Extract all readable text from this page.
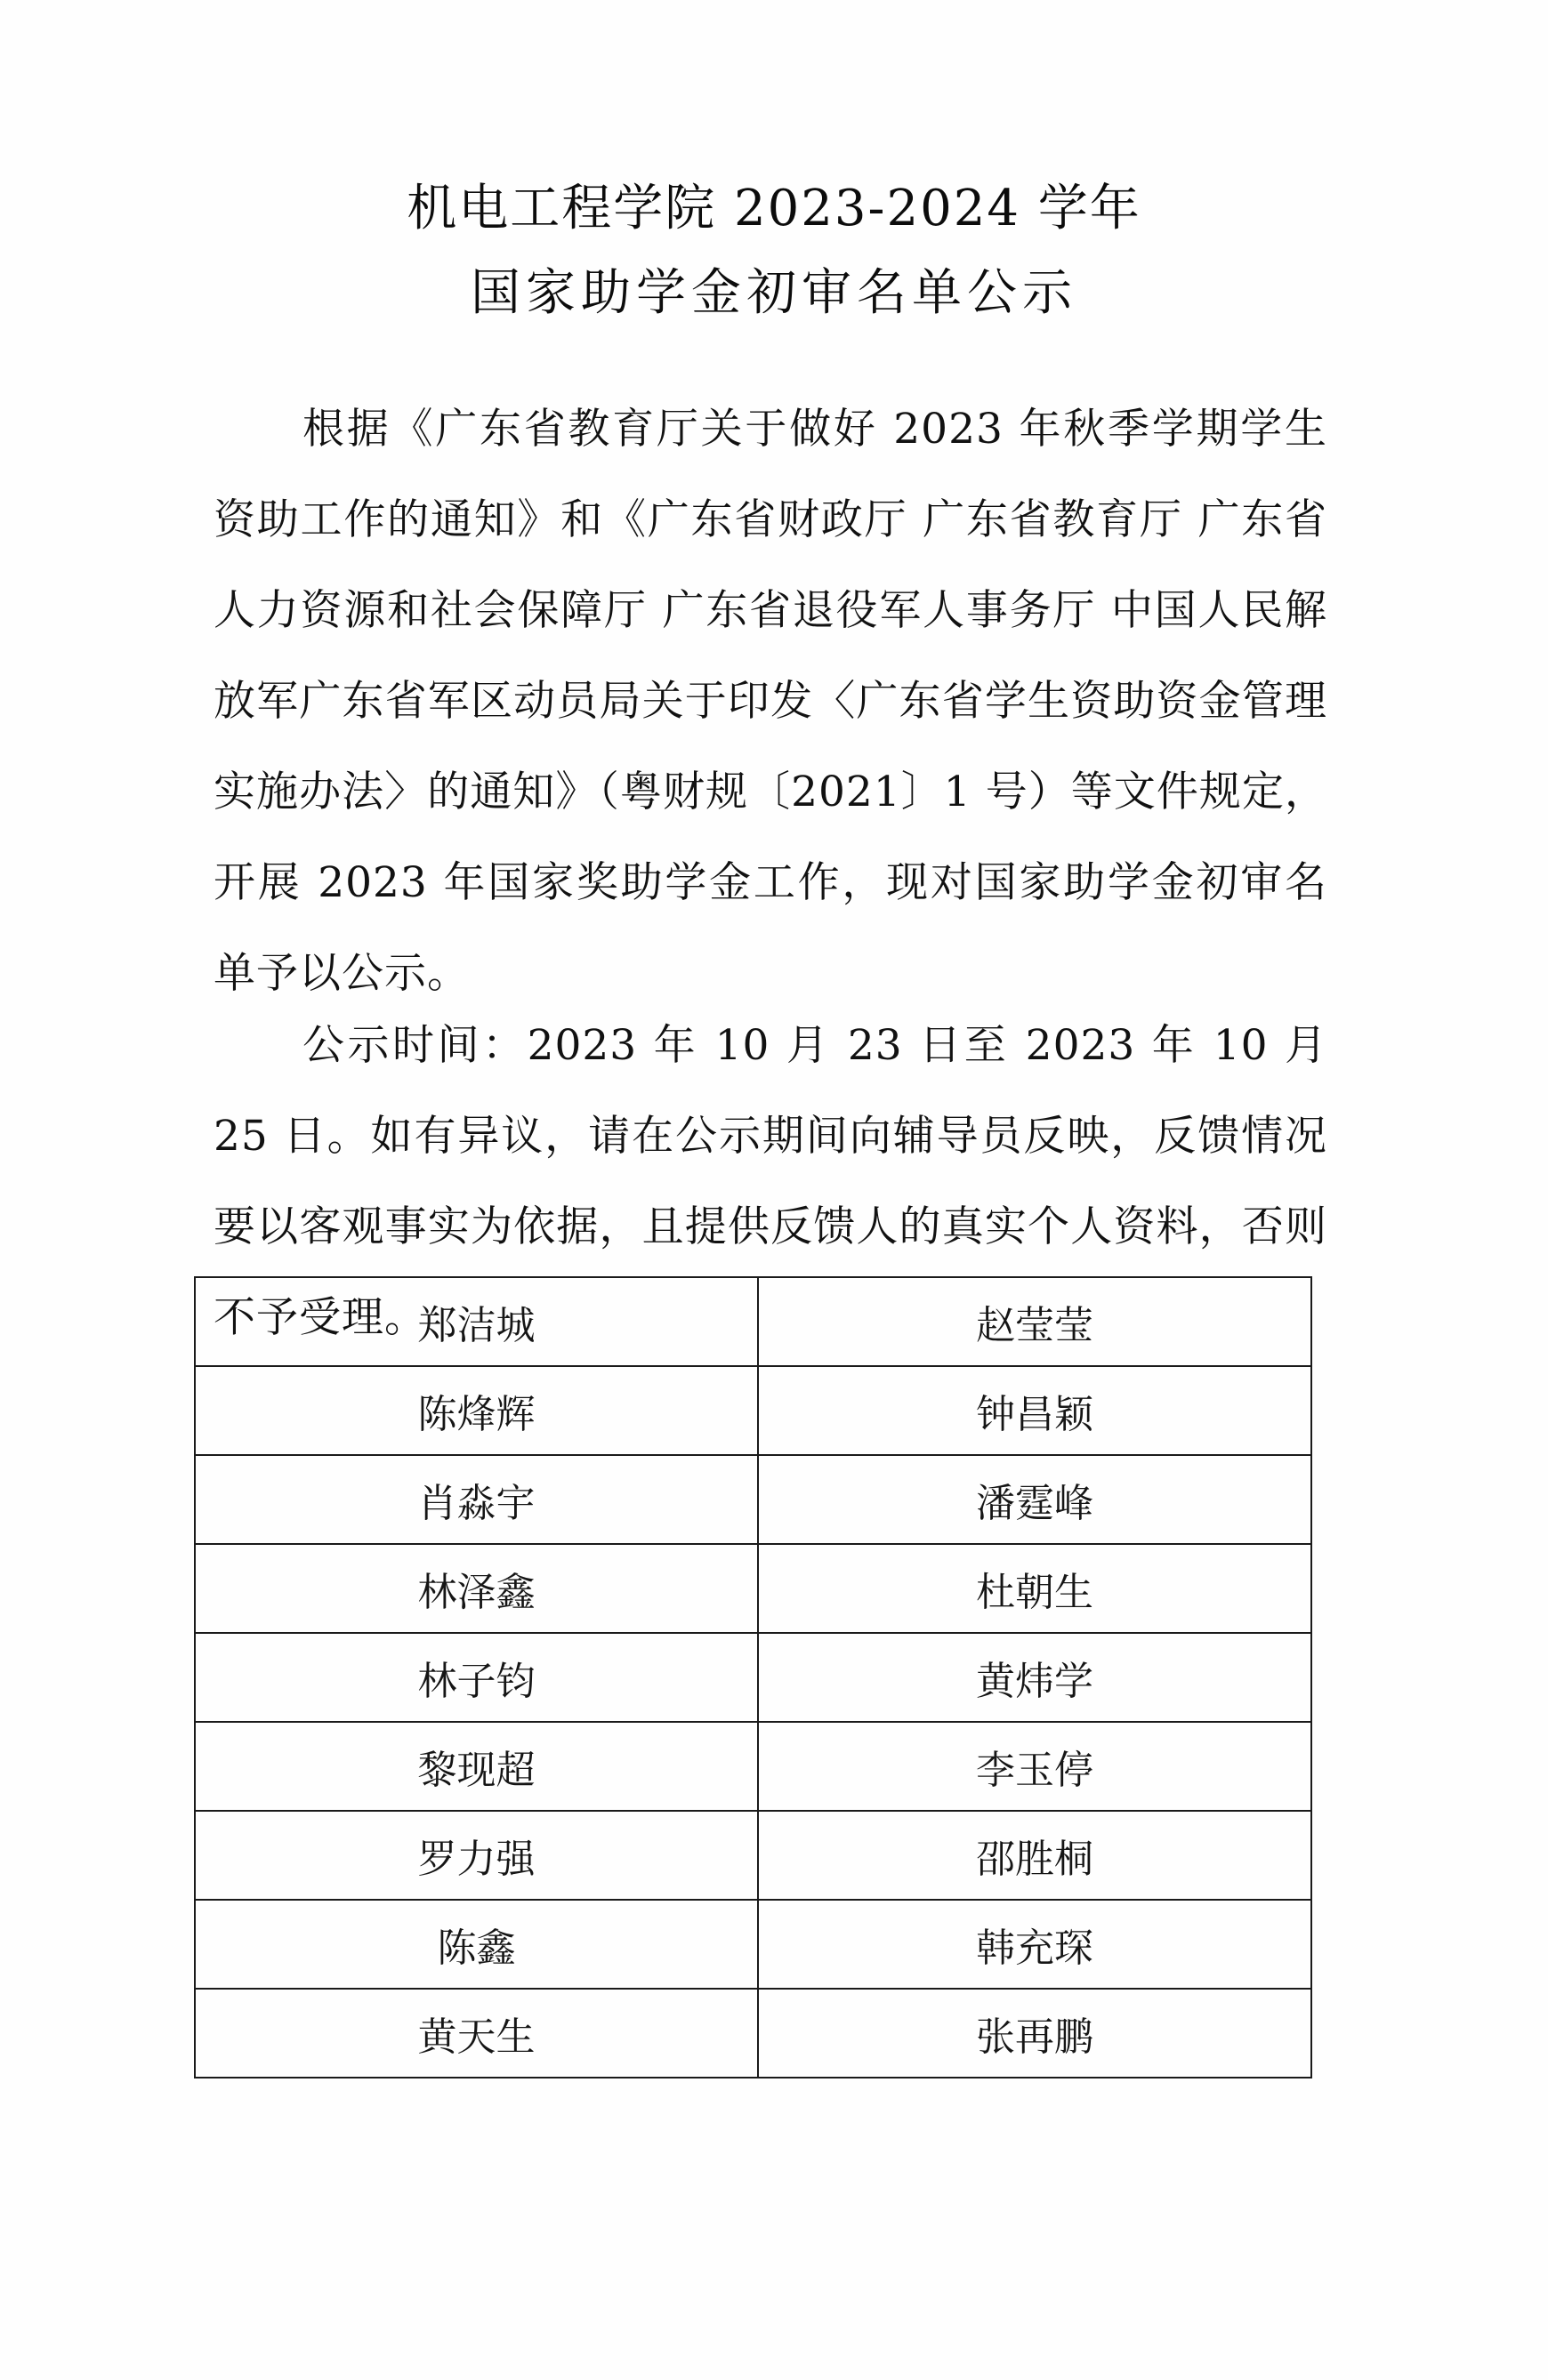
机电工程学院 2023-2024 学年
国家助学金初审名单公示

根据《广东省教育厅关于做好 2023 年秋季学期学生资助工作的通知》和《广东省财政厅 广东省教育厅 广东省人力资源和社会保障厅 广东省退役军人事务厅 中国人民解放军广东省军区动员局关于印发〈广东省学生资助资金管理实施办法〉的通知》（粤财规〔2021〕1 号）等文件规定，开展 2023 年国家奖助学金工作，现对国家助学金初审名单予以公示。

公示时间：2023 年 10 月 23 日至 2023 年 10 月 25 日。如有异议，请在公示期间向辅导员反映，反馈情况要以客观事实为依据，且提供反馈人的真实个人资料，否则不予受理。

郑洁城	赵莹莹
陈烽辉	钟昌颖
肖淼宇	潘霆峰
林泽鑫	杜朝生
林子钧	黄炜学
黎现超	李玉停
罗力强	邵胜桐
陈鑫	韩充琛
黄天生	张再鹏
